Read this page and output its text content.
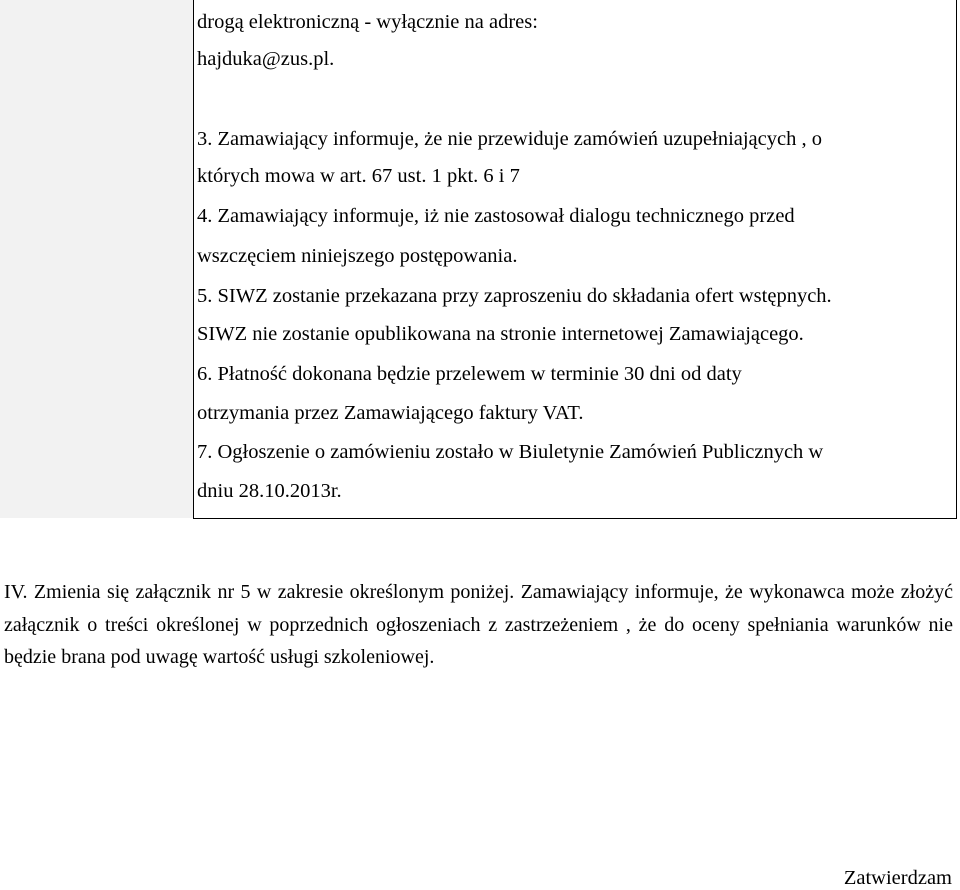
drogą elektroniczną - wyłącznie na adres:

hajduka@zus.pl.

3. Zamawiający informuje, że nie przewiduje zamówień uzupełniających , o

których mowa w art. 67 ust. 1 pkt. 6 i 7

4. Zamawiający informuje, iż nie zastosował dialogu technicznego przed

wszczęciem niniejszego postępowania.

5. SIWZ zostanie przekazana przy zaproszeniu do składania ofert wstępnych.

SIWZ nie zostanie opublikowana na stronie internetowej Zamawiającego.

6. Płatność dokonana będzie przelewem w terminie 30 dni od daty

otrzymania przez Zamawiającego faktury VAT.

7. Ogłoszenie o zamówieniu zostało w Biuletynie Zamówień Publicznych w

dniu 28.10.2013r.

IV. Zmienia się załącznik nr 5 w zakresie określonym poniżej. Zamawiający informuje, że wykonawca może złożyć załącznik o treści określonej w poprzednich ogłoszeniach z zastrzeżeniem , że do oceny spełniania warunków nie będzie brana pod uwagę wartość usługi szkoleniowej.

Zatwierdzam
